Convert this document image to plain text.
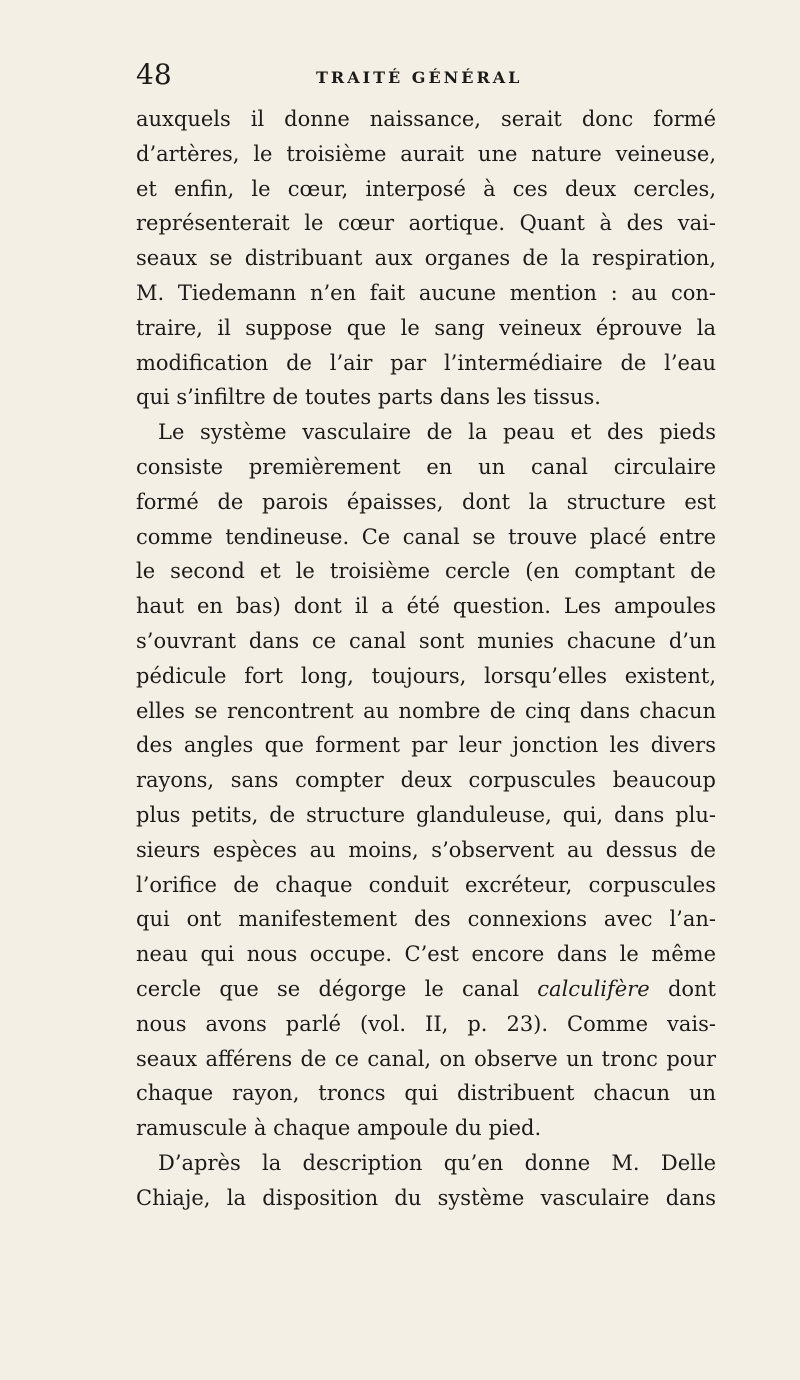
48	TRAITÉ GÉNÉRAL
auxquels il donne naissance, serait donc formé
d’artères, le troisième aurait une nature veineuse,
et enfin, le cœur, interposé à ces deux cercles,
représenterait le cœur aortique. Quant à des vai-
seaux se distribuant aux organes de la respiration,
M. Tiedemann n’en fait aucune mention : au con-
traire, il suppose que le sang veineux éprouve la
modification de l’air par l’intermédiaire de l’eau
qui s’infiltre de toutes parts dans les tissus.
Le système vasculaire de la peau et des pieds
consiste premièrement en un canal circulaire
formé de parois épaisses, dont la structure est
comme tendineuse. Ce canal se trouve placé entre
le second et le troisième cercle (en comptant de
haut en bas) dont il a été question. Les ampoules
s’ouvrant dans ce canal sont munies chacune d’un
pédicule fort long, toujours, lorsqu’elles existent,
elles se rencontrent au nombre de cinq dans chacun
des angles que forment par leur jonction les divers
rayons, sans compter deux corpuscules beaucoup
plus petits, de structure glanduleuse, qui, dans plu-
sieurs espèces au moins, s’observent au dessus de
l’orifice de chaque conduit excréteur, corpuscules
qui ont manifestement des connexions avec l’an-
neau qui nous occupe. C’est encore dans le même
cercle que se dégorge le canal calculifère dont
nous avons parlé (vol. II, p. 23). Comme vais-
seaux afférens de ce canal, on observe un tronc pour
chaque rayon, troncs qui distribuent chacun un
ramuscule à chaque ampoule du pied.
D’après la description qu’en donne M. Delle
Chiaje, la disposition du système vasculaire dans
